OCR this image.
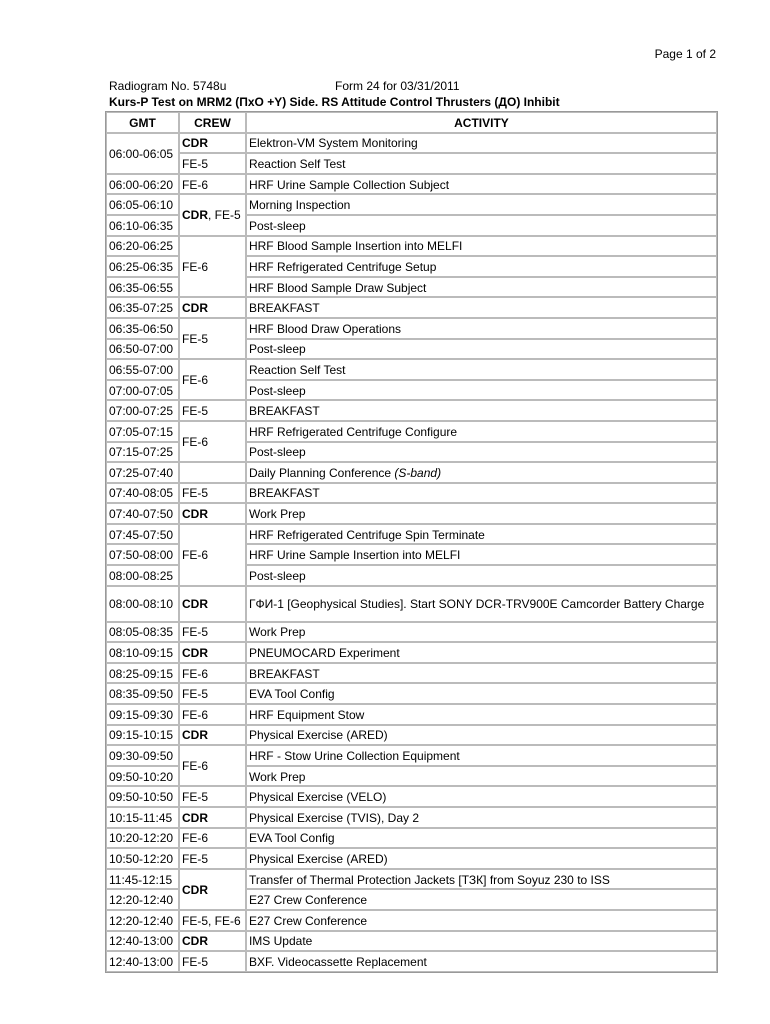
Page 1 of 2
Radiogram No. 5748u	Form 24 for 03/31/2011
Kurs-P Test on MRM2 (ПхО +Y) Side. RS Attitude Control Thrusters (ДО) Inhibit
GMT	CREW	ACTIVITY
06:00-06:05	CDR	Elektron-VM System Monitoring
	FE-5	Reaction Self Test
06:00-06:20	FE-6	HRF Urine Sample Collection Subject
06:05-06:10	CDR, FE-5	Morning Inspection
06:10-06:35		Post-sleep
06:20-06:25	FE-6	HRF Blood Sample Insertion into MELFI
06:25-06:35		HRF Refrigerated Centrifuge Setup
06:35-06:55		HRF Blood Sample Draw Subject
06:35-07:25	CDR	BREAKFAST
06:35-06:50	FE-5	HRF Blood Draw Operations
06:50-07:00		Post-sleep
06:55-07:00	FE-6	Reaction Self Test
07:00-07:05		Post-sleep
07:00-07:25	FE-5	BREAKFAST
07:05-07:15	FE-6	HRF Refrigerated Centrifuge Configure
07:15-07:25		Post-sleep
07:25-07:40		Daily Planning Conference (S-band)
07:40-08:05	FE-5	BREAKFAST
07:40-07:50	CDR	Work Prep
07:45-07:50	FE-6	HRF Refrigerated Centrifuge Spin Terminate
07:50-08:00		HRF Urine Sample Insertion into MELFI
08:00-08:25		Post-sleep
08:00-08:10	CDR	ГФИ-1 [Geophysical Studies]. Start SONY DCR-TRV900E Camcorder Battery Charge
08:05-08:35	FE-5	Work Prep
08:10-09:15	CDR	PNEUMOCARD Experiment
08:25-09:15	FE-6	BREAKFAST
08:35-09:50	FE-5	EVA Tool Config
09:15-09:30	FE-6	HRF Equipment Stow
09:15-10:15	CDR	Physical Exercise (ARED)
09:30-09:50	FE-6	HRF - Stow Urine Collection Equipment
09:50-10:20		Work Prep
09:50-10:50	FE-5	Physical Exercise (VELO)
10:15-11:45	CDR	Physical Exercise (TVIS), Day 2
10:20-12:20	FE-6	EVA Tool Config
10:50-12:20	FE-5	Physical Exercise (ARED)
11:45-12:15	CDR	Transfer of Thermal Protection Jackets [ТЗК] from Soyuz 230 to ISS
12:20-12:40		E27 Crew Conference
12:20-12:40	FE-5, FE-6	E27 Crew Conference
12:40-13:00	CDR	IMS Update
12:40-13:00	FE-5	BXF. Videocassette Replacement
